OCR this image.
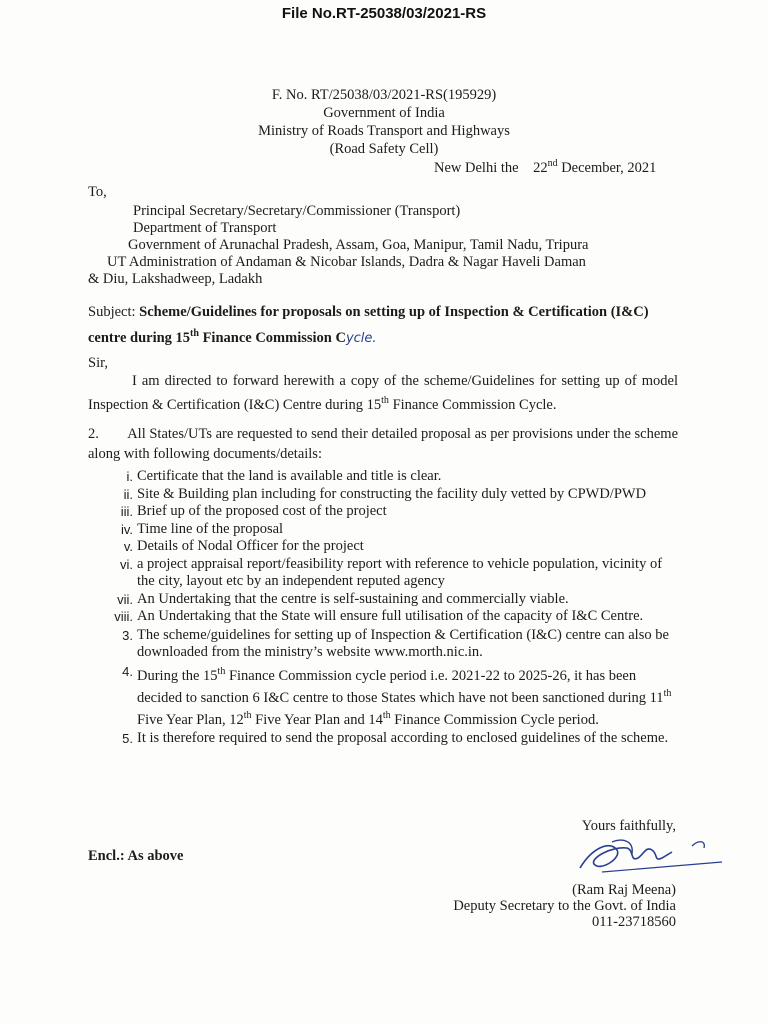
File No.RT-25038/03/2021-RS
F. No. RT/25038/03/2021-RS(195929)
Government of India
Ministry of Roads Transport and Highways
(Road Safety Cell)
New Delhi the 22nd December, 2021
To,
Principal Secretary/Secretary/Commissioner (Transport)
Department of Transport
Government of Arunachal Pradesh, Assam, Goa, Manipur, Tamil Nadu, Tripura
UT Administration of Andaman & Nicobar Islands, Dadra & Nagar Haveli Daman
& Diu, Lakshadweep, Ladakh
Subject: Scheme/Guidelines for proposals on setting up of Inspection & Certification (I&C) centre during 15th Finance Commission Cycle.
Sir,
I am directed to forward herewith a copy of the scheme/Guidelines for setting up of model Inspection & Certification (I&C) Centre during 15th Finance Commission Cycle.
2. All States/UTs are requested to send their detailed proposal as per provisions under the scheme along with following documents/details:
i. Certificate that the land is available and title is clear.
ii. Site & Building plan including for constructing the facility duly vetted by CPWD/PWD
iii. Brief up of the proposed cost of the project
iv. Time line of the proposal
v. Details of Nodal Officer for the project
vi. a project appraisal report/feasibility report with reference to vehicle population, vicinity of the city, layout etc by an independent reputed agency
vii. An Undertaking that the centre is self-sustaining and commercially viable.
viii. An Undertaking that the State will ensure full utilisation of the capacity of I&C Centre.
3. The scheme/guidelines for setting up of Inspection & Certification (I&C) centre can also be downloaded from the ministry’s website www.morth.nic.in.
4. During the 15th Finance Commission cycle period i.e. 2021-22 to 2025-26, it has been decided to sanction 6 I&C centre to those States which have not been sanctioned during 11th Five Year Plan, 12th Five Year Plan and 14th Finance Commission Cycle period.
5. It is therefore required to send the proposal according to enclosed guidelines of the scheme.
Yours faithfully,
Encl.: As above
(Ram Raj Meena)
Deputy Secretary to the Govt. of India
011-23718560
